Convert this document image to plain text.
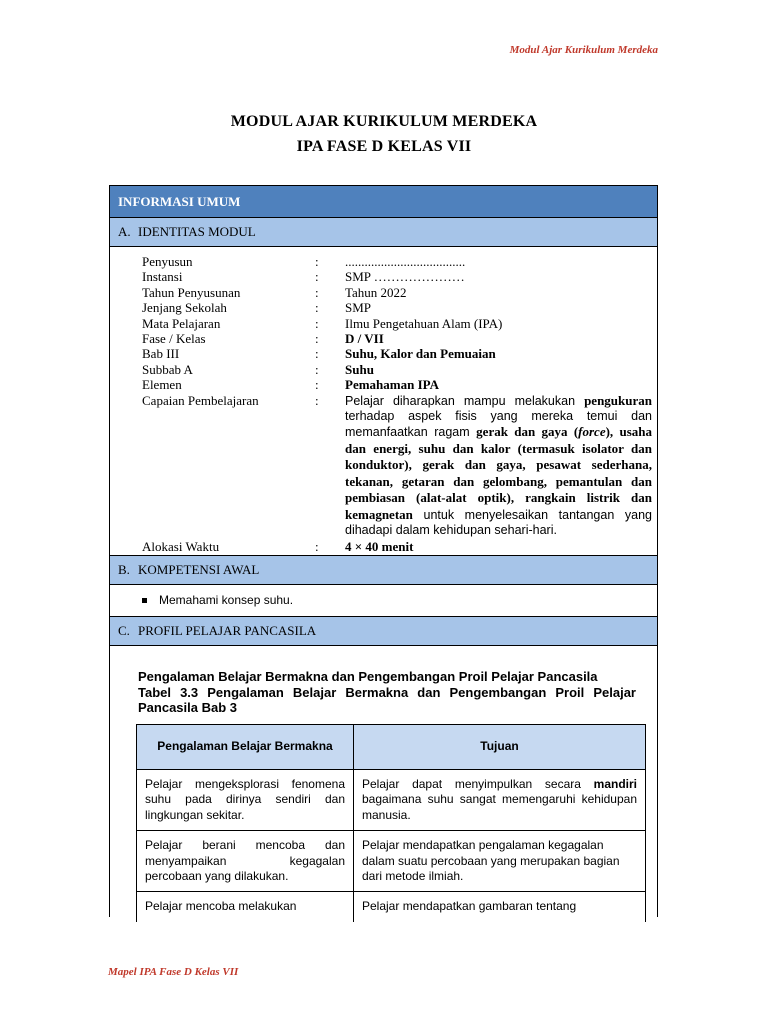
Modul Ajar Kurikulum Merdeka
MODUL AJAR KURIKULUM MERDEKA
IPA FASE D KELAS VII
INFORMASI UMUM
A. IDENTITAS MODUL
Penyusun	:	.....................................
Instansi	:	SMP …………………
Tahun Penyusunan	:	Tahun 2022
Jenjang Sekolah	:	SMP
Mata Pelajaran	:	Ilmu Pengetahuan Alam (IPA)
Fase / Kelas	:	D / VII
Bab III	:	Suhu, Kalor dan Pemuaian
Subbab A	:	Suhu
Elemen	:	Pemahaman IPA
Capaian Pembelajaran	:	Pelajar diharapkan mampu melakukan pengukuran terhadap aspek fisis yang mereka temui dan memanfaatkan ragam gerak dan gaya (force), usaha dan energi, suhu dan kalor (termasuk isolator dan konduktor), gerak dan gaya, pesawat sederhana, tekanan, getaran dan gelombang, pemantulan dan pembiasan (alat-alat optik), rangkain listrik dan kemagnetan untuk menyelesaikan tantangan yang dihadapi dalam kehidupan sehari-hari.
Alokasi Waktu	:	4 × 40 menit
B. KOMPETENSI AWAL
Memahami konsep suhu.
C. PROFIL PELAJAR PANCASILA
Pengalaman Belajar Bermakna dan Pengembangan Proil Pelajar Pancasila
Tabel 3.3 Pengalaman Belajar Bermakna dan Pengembangan Proil Pelajar Pancasila Bab 3
Pengalaman Belajar Bermakna	Tujuan
Pelajar mengeksplorasi fenomena suhu pada dirinya sendiri dan lingkungan sekitar.	Pelajar dapat menyimpulkan secara mandiri bagaimana suhu sangat memengaruhi kehidupan manusia.
Pelajar berani mencoba dan menyampaikan kegagalan percobaan yang dilakukan.	Pelajar mendapatkan pengalaman kegagalan dalam suatu percobaan yang merupakan bagian dari metode ilmiah.
Pelajar mencoba melakukan	Pelajar mendapatkan gambaran tentang
Mapel IPA Fase D Kelas VII
